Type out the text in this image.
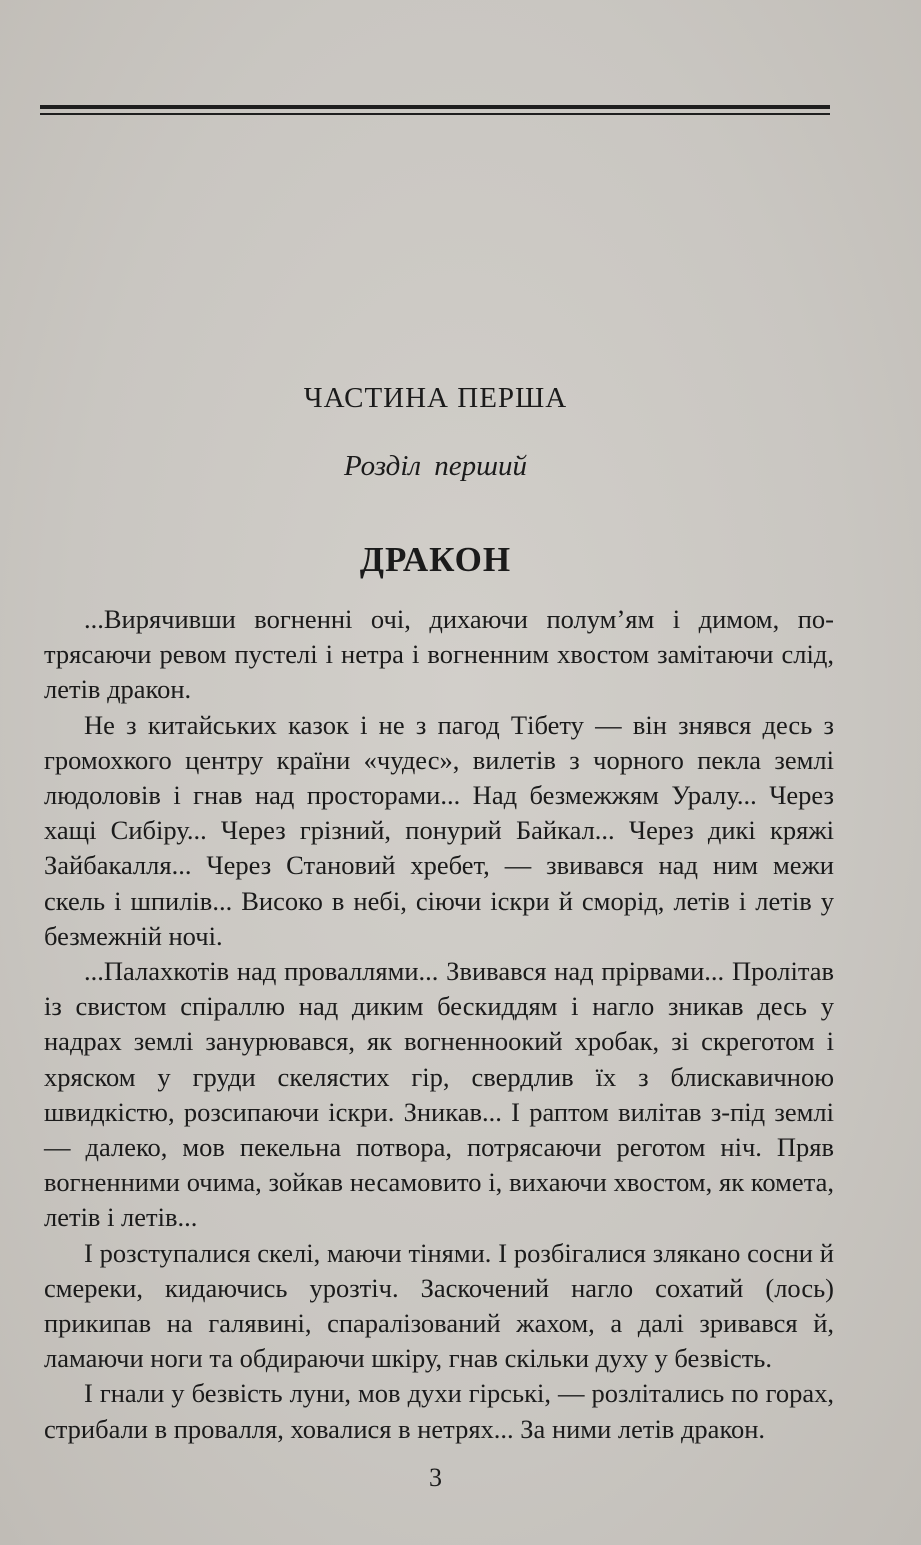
ЧАСТИНА ПЕРША
Розділ перший
ДРАКОН

...Вирячивши вогненні очі, дихаючи полум’ям і димом, потрясаючи ревом пустелі і нетра і вогненним хвостом замітаючи слід, летів дракон.

Не з китайських казок і не з пагод Тібету — він знявся десь з громохкого центру країни «чудес», вилетів з чорного пекла землі людоловів і гнав над просторами... Над безмежжям Уралу... Через хащі Сибіру... Через грізний, понурий Байкал... Через дикі кряжі Зайбакалля... Через Становий хребет, — звивався над ним межи скель і шпилів... Високо в небі, сіючи іскри й сморід, летів і летів у безмежній ночі.

...Палахкотів над проваллями... Звивався над прірвами... Пролітав із свистом спіраллю над диким бескиддям і нагло зникав десь у надрах землі занурювався, як вогненноокий хробак, зі скреготом і хряском у груди скелястих гір, свердлив їх з блискавичною швидкістю, розсипаючи іскри. Зникав... І раптом вилітав з-під землі — далеко, мов пекельна потвора, потрясаючи реготом ніч. Пряв вогненними очима, зойкав несамовито і, вихаючи хвостом, як комета, летів і летів...

І розступалися скелі, маючи тінями. І розбігалися злякано сосни й смереки, кидаючись урозтіч. Заскочений нагло сохатий (лось) прикипав на галявині, спаралізований жахом, а далі зривався й, ламаючи ноги та обдираючи шкіру, гнав скільки духу у безвість.

І гнали у безвість луни, мов духи гірські, — розлітались по горах, стрибали в провалля, ховалися в нетрях... За ними летів дракон.

3
